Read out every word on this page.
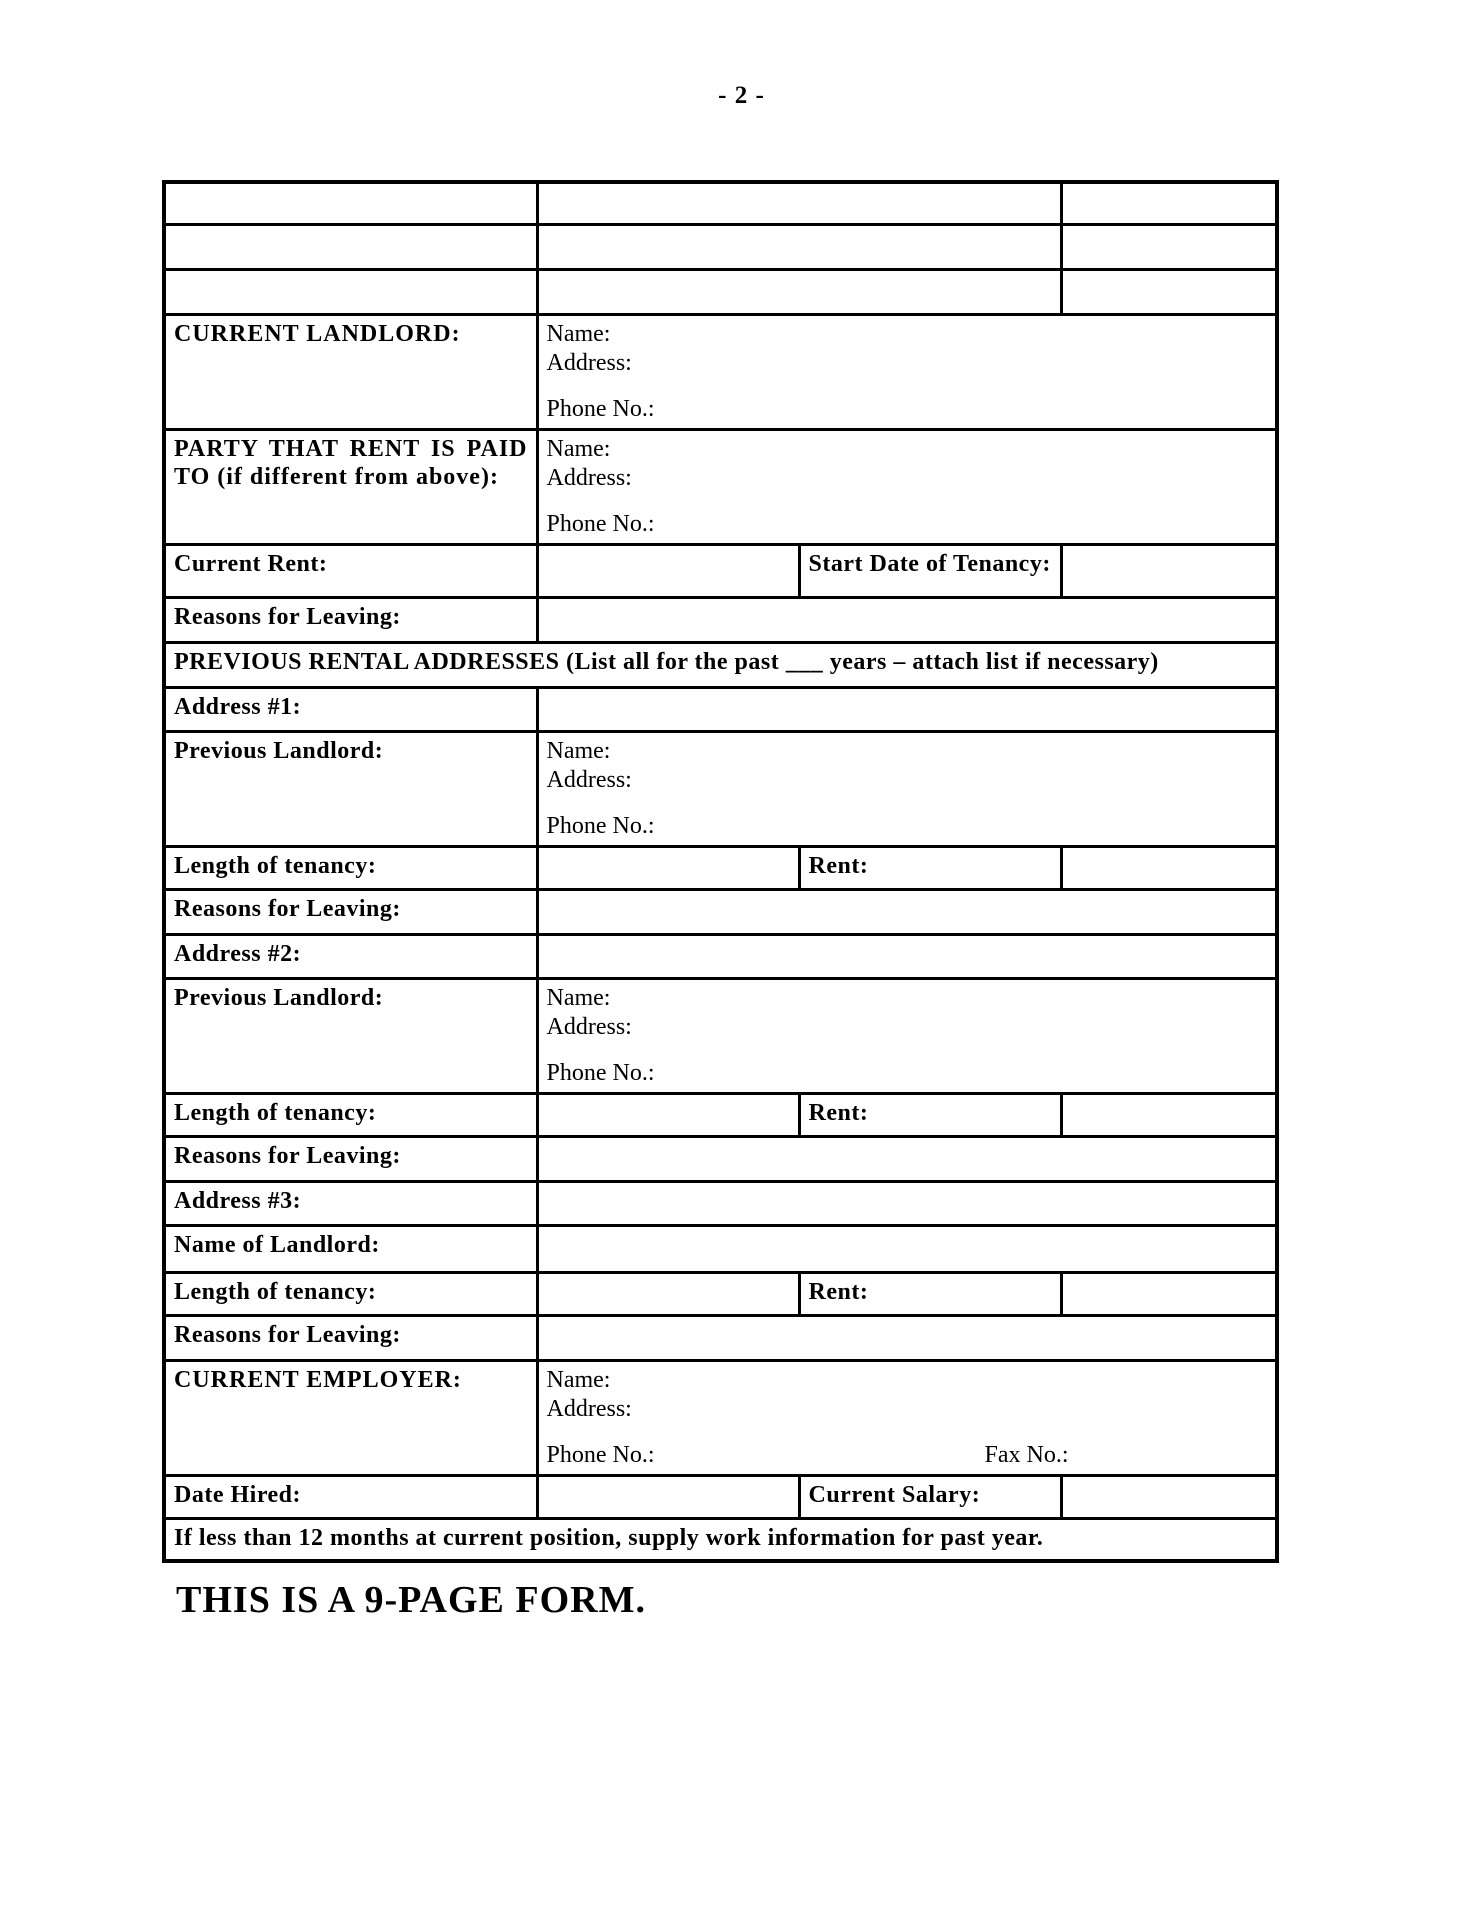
- 2 -

CURRENT LANDLORD:	Name:
Address:
Phone No.:		

PARTY THAT RENT IS PAID TO (if different from above):	Name:
Address:
Phone No.:		

Current Rent:		Start Date of Tenancy:	
Reasons for Leaving:			
PREVIOUS RENTAL ADDRESSES (List all for the past ___ years – attach list if necessary)			
Address #1:			
Previous Landlord:	Name:
Address:
Phone No.:		

Length of tenancy:		Rent:	
Reasons for Leaving:			
Address #2:			
Previous Landlord:	Name:
Address:
Phone No.:		

Length of tenancy:		Rent:	
Reasons for Leaving:			
Address #3:			
Name of Landlord:			
Length of tenancy:		Rent:	
Reasons for Leaving:			
CURRENT EMPLOYER:	Name:
Address:
Phone No.: Fax No.:		

Date Hired:		Current Salary:	
If less than 12 months at current position, supply work information for past year.			
THIS IS A 9-PAGE FORM.
